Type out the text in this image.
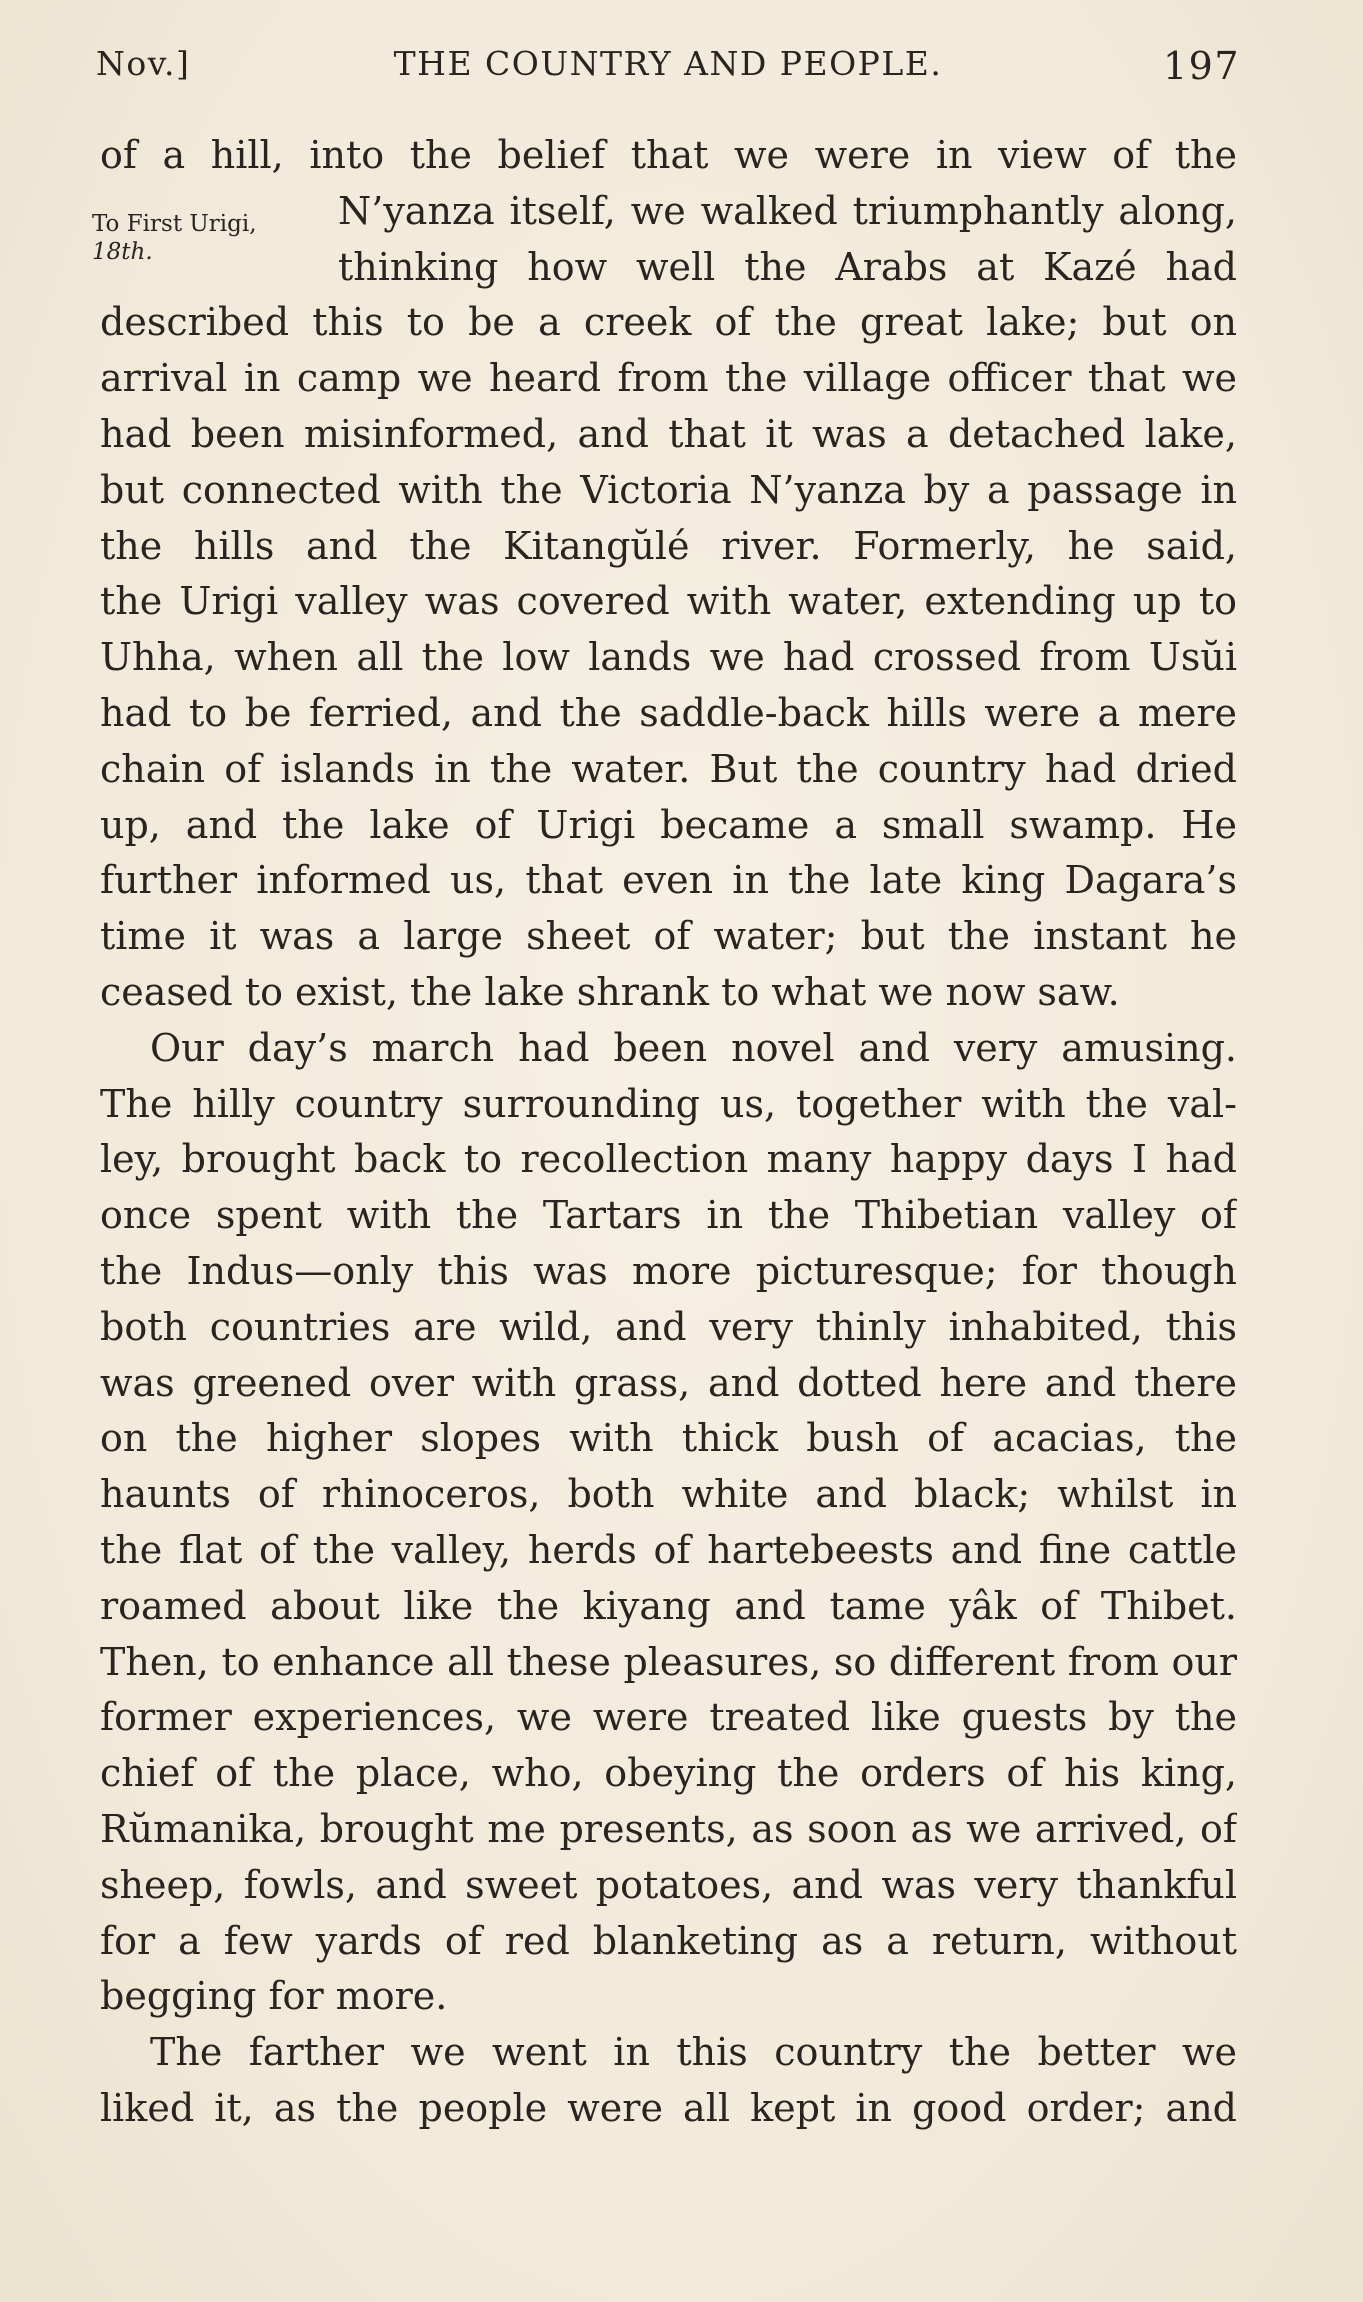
Nov.]	THE COUNTRY AND PEOPLE.	197
To First Urigi,
18th.
of a hill, into the belief that we were in view of the
N’yanza itself, we walked triumphantly along,
thinking how well the Arabs at Kazé had
described this to be a creek of the great lake; but on
arrival in camp we heard from the village officer that we
had been misinformed, and that it was a detached lake,
but connected with the Victoria N’yanza by a passage in
the hills and the Kitangŭlé river. Formerly, he said,
the Urigi valley was covered with water, extending up to
Uhha, when all the low lands we had crossed from Usŭi
had to be ferried, and the saddle-back hills were a mere
chain of islands in the water. But the country had dried
up, and the lake of Urigi became a small swamp. He
further informed us, that even in the late king Dagara’s
time it was a large sheet of water; but the instant he
ceased to exist, the lake shrank to what we now saw.
Our day’s march had been novel and very amusing.
The hilly country surrounding us, together with the val-
ley, brought back to recollection many happy days I had
once spent with the Tartars in the Thibetian valley of
the Indus—only this was more picturesque; for though
both countries are wild, and very thinly inhabited, this
was greened over with grass, and dotted here and there
on the higher slopes with thick bush of acacias, the
haunts of rhinoceros, both white and black; whilst in
the flat of the valley, herds of hartebeests and fine cattle
roamed about like the kiyang and tame yâk of Thibet.
Then, to enhance all these pleasures, so different from our
former experiences, we were treated like guests by the
chief of the place, who, obeying the orders of his king,
Rŭmanika, brought me presents, as soon as we arrived, of
sheep, fowls, and sweet potatoes, and was very thankful
for a few yards of red blanketing as a return, without
begging for more.
The farther we went in this country the better we
liked it, as the people were all kept in good order; and
